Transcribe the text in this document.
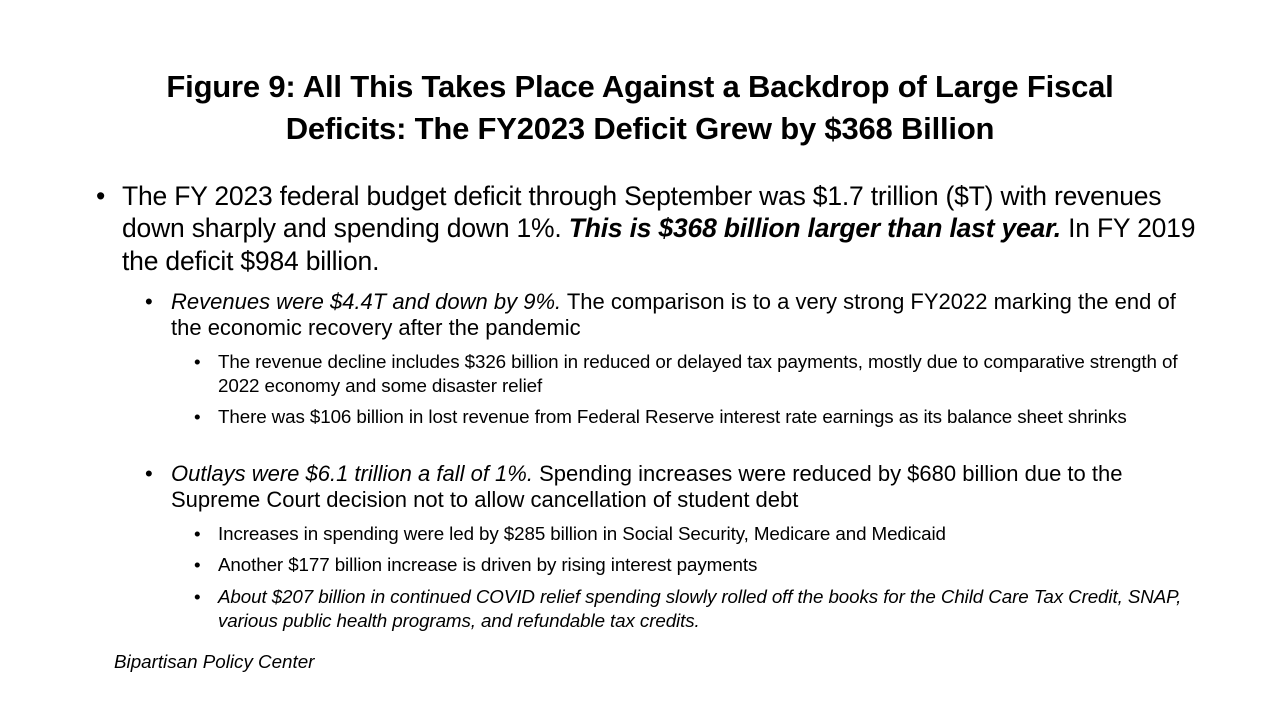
Figure 9: All This Takes Place Against a Backdrop of Large Fiscal
Deficits: The FY2023 Deficit Grew by $368 Billion
• The FY 2023 federal budget deficit through September was $1.7 trillion ($T) with revenues down sharply and spending down 1%. This is $368 billion larger than last year. In FY 2019 the deficit $984 billion.
• Revenues were $4.4T and down by 9%. The comparison is to a very strong FY2022 marking the end of the economic recovery after the pandemic
• The revenue decline includes $326 billion in reduced or delayed tax payments, mostly due to comparative strength of 2022 economy and some disaster relief
• There was $106 billion in lost revenue from Federal Reserve interest rate earnings as its balance sheet shrinks
• Outlays were $6.1 trillion a fall of 1%. Spending increases were reduced by $680 billion due to the Supreme Court decision not to allow cancellation of student debt
• Increases in spending were led by $285 billion in Social Security, Medicare and Medicaid
• Another $177 billion increase is driven by rising interest payments
• About $207 billion in continued COVID relief spending slowly rolled off the books for the Child Care Tax Credit, SNAP, various public health programs, and refundable tax credits.
Bipartisan Policy Center
